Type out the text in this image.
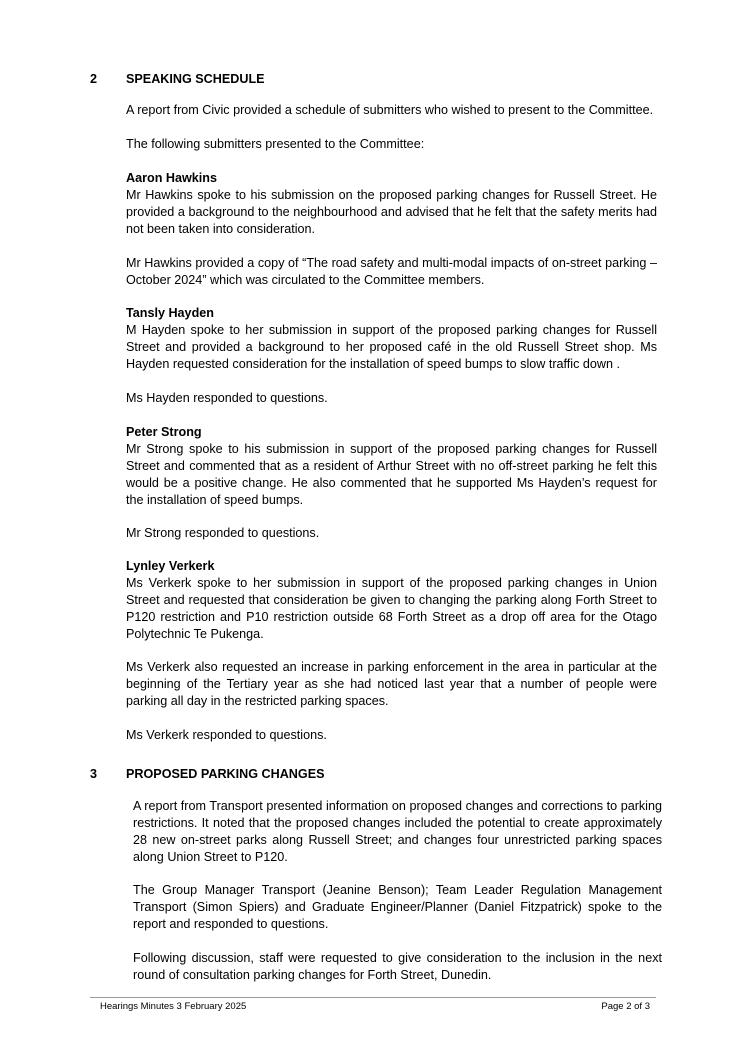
2 SPEAKING SCHEDULE

A report from Civic provided a schedule of submitters who wished to present to the Committee.

The following submitters presented to the Committee:

Aaron Hawkins

Mr Hawkins spoke to his submission on the proposed parking changes for Russell Street. He provided a background to the neighbourhood and advised that he felt that the safety merits had not been taken into consideration.

Mr Hawkins provided a copy of “The road safety and multi-modal impacts of on-street parking – October 2024” which was circulated to the Committee members.

Tansly Hayden

M Hayden spoke to her submission in support of the proposed parking changes for Russell Street and provided a background to her proposed café in the old Russell Street shop. Ms Hayden requested consideration for the installation of speed bumps to slow traffic down .

Ms Hayden responded to questions.

Peter Strong

Mr Strong spoke to his submission in support of the proposed parking changes for Russell Street and commented that as a resident of Arthur Street with no off-street parking he felt this would be a positive change. He also commented that he supported Ms Hayden’s request for the installation of speed bumps.

Mr Strong responded to questions.

Lynley Verkerk

Ms Verkerk spoke to her submission in support of the proposed parking changes in Union Street and requested that consideration be given to changing the parking along Forth Street to P120 restriction and P10 restriction outside 68 Forth Street as a drop off area for the Otago Polytechnic Te Pukenga.

Ms Verkerk also requested an increase in parking enforcement in the area in particular at the beginning of the Tertiary year as she had noticed last year that a number of people were parking all day in the restricted parking spaces.

Ms Verkerk responded to questions.

3 PROPOSED PARKING CHANGES

A report from Transport presented information on proposed changes and corrections to parking restrictions. It noted that the proposed changes included the potential to create approximately 28 new on-street parks along Russell Street; and changes four unrestricted parking spaces along Union Street to P120.

The Group Manager Transport (Jeanine Benson); Team Leader Regulation Management Transport (Simon Spiers) and Graduate Engineer/Planner (Daniel Fitzpatrick) spoke to the report and responded to questions.

Following discussion, staff were requested to give consideration to the inclusion in the next round of consultation parking changes for Forth Street, Dunedin.

Hearings Minutes 3 February 2025	Page 2 of 3
